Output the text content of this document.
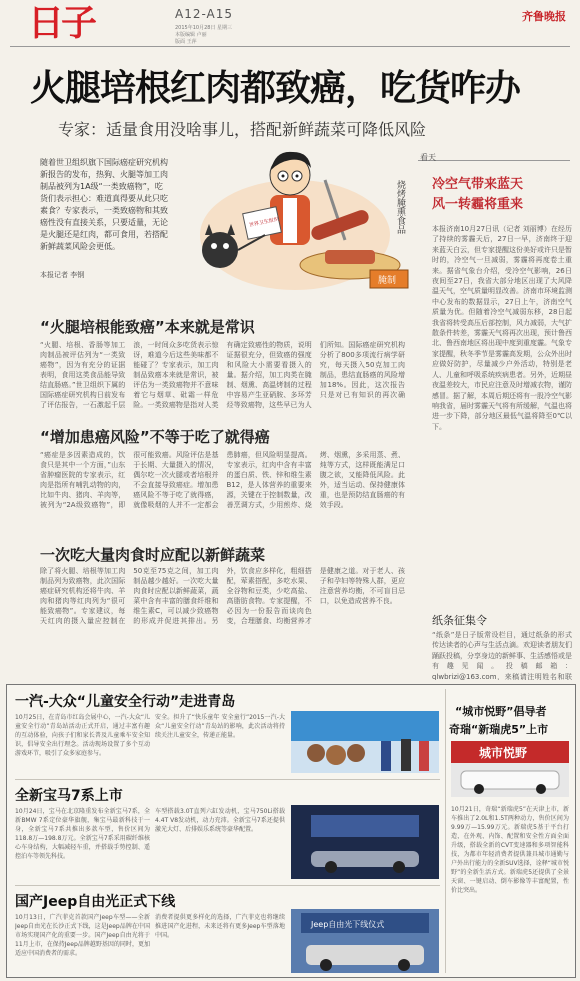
日子	A12-A15
2015年10月28日 星期三
本版编辑 卢丽
版面 王萍
齐鲁晚报
火腿培根红肉都致癌，吃货咋办
专家：适量食用没啥事儿，搭配新鲜蔬菜可降低风险
随着世卫组织旗下国际癌症研究机构新报告的发布，热狗、火腿等加工肉制品被列为1A级“一类致癌物”，吃货们表示担心：难道真得要从此只吃素食？专家表示，一类致癌物和其致癌性没有直接关系，只要适量，无论是火腿还是红肉，都可食用，若搭配新鲜蔬菜风险会更低。
本报记者 李钢
世界卫生组织	烧烤腌熏食品
腌制
“火腿培根能致癌”本来就是常识
“火腿、培根、香肠等加工肉制品被评估列为“一类致癌物”，因为有充分的证据表明，食用这类食品能导致结直肠癌。”世卫组织下属的国际癌症研究机构日前发布了评估报告，一石激起千层浪，一时间众多吃货表示惊讶，难道今后这些美味都不能碰了？专家表示，加工肉制品致癌本来就是常识，被评估为一类致癌物并不意味着它与烟草、砒霜一样危险。一类致癌物是指对人类有确定致癌性的物质，说明证据很充分，但致癌的强度和风险大小需要看摄入的量。据介绍，加工肉类在腌制、烟熏、高温烤制的过程中容易产生亚硝胺、多环芳烃等致癌物，这些早已为人们所知。国际癌症研究机构分析了800多项流行病学研究，每天摄入50克加工肉制品，患结直肠癌的风险增加18%。因此，这次报告只是对已有知识的再次确
“增加患癌风险”不等于吃了就得癌
“癌症是多因素造成的，饮食只是其中一个方面，”山东省肿瘤医院的专家表示，红肉是指所有哺乳动物的肉，比如牛肉、猪肉、羊肉等，被列为“2A级致癌物”，即很可能致癌。风险评估是基于长期、大量摄入的情况，偶尔吃一次火腿或者培根并不会直接导致癌症。增加患癌风险不等于吃了就得癌，就像吸烟的人并不一定都会患肺癌，但风险明显提高。专家表示，红肉中含有丰富的蛋白质、铁、锌和维生素B12，是人体营养的重要来源，关键在于控制数量，改善烹调方式，少用煎炸、烧烤、烟熏，多采用蒸、煮、炖等方式，这样既能满足口腹之欲，又能降低风险。此外，适当运动、保持健康体重，也是预防结直肠癌的有效手段。
一次吃大量肉食时应配以新鲜蔬菜
除了将火腿、培根等加工肉制品列为致癌物，此次国际癌症研究机构还将牛肉、羊肉和猪肉等红肉列为“很可能致癌物”。专家建议，每天红肉的摄入量应控制在50克至75克之间，加工肉制品越少越好。一次吃大量肉食时应配以新鲜蔬菜，蔬菜中含有丰富的膳食纤维和维生素C，可以减少致癌物的形成并促进其排出。另外，饮食应多样化，粗细搭配，荤素搭配，多吃水果、全谷物和豆类，少吃高盐、高脂肪食物。专家提醒，不必因为一份报告而谈肉色变，合理膳食、均衡营养才是健康之道。对于老人、孩子和孕妇等特殊人群，更应注意营养均衡，不可盲目忌口，以免造成营养不良。
看天
冷空气带来蓝天
风一转霾将重来
本报济南10月27日讯（记者 刘丽博）在经历了持续的雾霾天后，27日一早，济南终于迎来蓝天白云，但专家提醒这份美好或许只是暂时的，冷空气一旦减弱，雾霾将再度卷土重来。据省气象台介绍，受冷空气影响，26日夜间至27日，我省大部分地区出现了大风降温天气，空气质量明显改善。济南市环境监测中心发布的数据显示，27日上午，济南空气质量为优。但随着冷空气减弱东移，28日起我省将转受高压后部控制，风力减弱，大气扩散条件转差，雾霾天气将再次出现，预计鲁西北、鲁西南地区将出现中度到重度霾。气象专家提醒，秋冬季节是雾霾高发期，公众外出时应做好防护，尽量减少户外活动，特别是老人、儿童和呼吸系统疾病患者。另外，近期昼夜温差较大，市民应注意及时增减衣物，谨防感冒。据了解，本周后期还将有一股冷空气影响我省，届时雾霾天气将有所缓解，气温也将进一步下降，部分地区最低气温将降至0℃以下。
纸条征集令
“纸条”是日子版常设栏目，通过纸条的形式传达读者的心声与生活点滴。欢迎读者朋友们踊跃投稿，分享身边的新鲜事、生活感悟或是有趣见闻。投稿邮箱：qlwbrizi@163.com，来稿请注明姓名和联
一汽-大众“儿童安全行动”走进青岛
10月25日，在青岛市红岛会展中心，一汽-大众“儿童安全行动”青岛站活动正式开启，通过丰富有趣的互动体验，向孩子们和家长普及儿童乘车安全知识，倡导安全出行理念。活动现场设置了多个互动游戏环节，吸引了众多家庭参与。
安全。担升了“快乐童年 安全童行”2015一汽-大众“儿童安全行动”青岛站的影响，此次活动将持续关注儿童安全，传递正能量。
全新宝马7系上市
10月24日，宝马在北京隆重发布全新宝马7系，全新BMW 7系定位豪华旗舰，集宝马最新科技于一身，全新宝马7系共推出多款车型，售价区间为118.8万—198.8万元。全新宝马7系采用碳纤维核心车身结构，大幅减轻车重，并搭载手势控制、遥控泊车等领先科技。
车型搭载3.0T直列六缸发动机，宝马750Li搭载4.4T V8发动机，动力充沛。全新宝马7系还提供激光大灯、后排娱乐系统等豪华配置。
国产Jeep自由光正式下线
10月13日，广汽菲克首款国产Jeep车型——全新Jeep自由光在长沙正式下线，这是Jeep品牌在中国市场实现国产化的重要一步。国产Jeep自由光将于11月上市，在保持Jeep品牌越野基因的同时，更加适应中国消费者的需求。
消费者提供更多样化的选择，广汽菲克也将继续推进国产化进程，未来还将有更多Jeep车型落地中国。
Jeep自由光下线仪式
“城市悦野”倡导者
奇瑞“新瑞虎5”上市
城市悦野
10月21日，奇瑞“新瑞虎5”在天津上市，新车推出了2.0L和1.5T两种动力，售价区间为9.99万—15.99万元。新瑞虎5基于平台打造，在外观、内饰、配置和安全性方面全面升级，搭载全新的CVT变速器和多项智能科技，为都市年轻消费者提供兼具城市通勤与户外出行能力的全新SUV选择，诠释“城市悦野”的全新生活方式。新瑞虎5还提供了全景天窗、一键启动、倒车影像等丰富配置，性价比突出。
